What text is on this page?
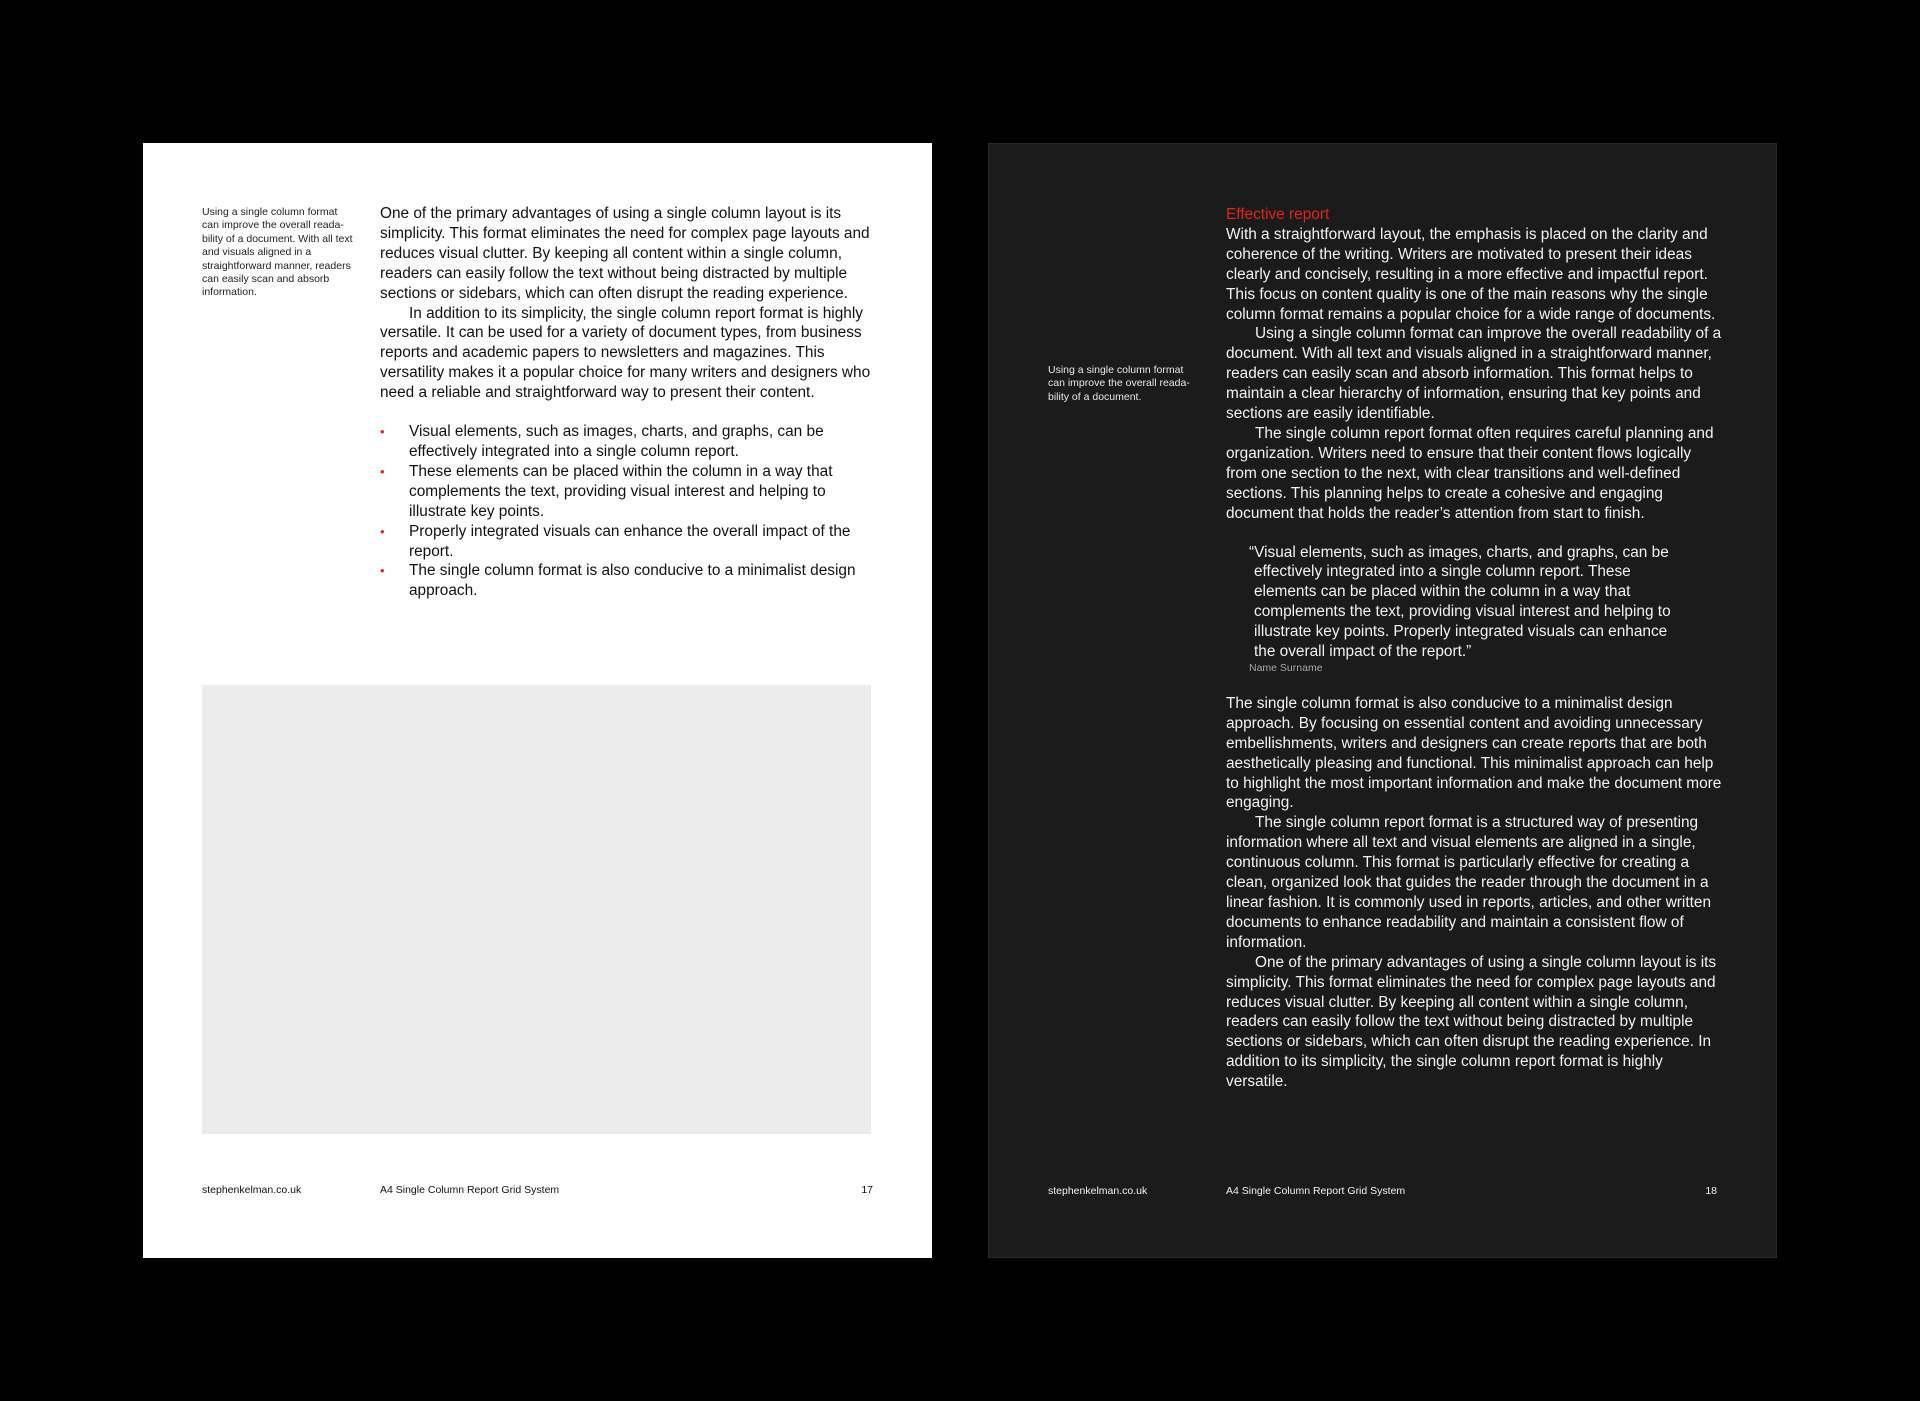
Using a single column format can improve the overall reada-bility of a document. With all text and visuals aligned in a straightforward manner, readers can easily scan and absorb information.

One of the primary advantages of using a single column layout is its simplicity. This format eliminates the need for complex page layouts and reduces visual clutter. By keeping all content within a single column, readers can easily follow the text without being distracted by multiple sections or sidebars, which can often disrupt the reading experience.

In addition to its simplicity, the single column report format is highly versatile. It can be used for a variety of document types, from business reports and academic papers to newsletters and magazines. This versatility makes it a popular choice for many writers and designers who need a reliable and straightforward way to present their content.

• Visual elements, such as images, charts, and graphs, can be effectively integrated into a single column report.
• These elements can be placed within the column in a way that complements the text, providing visual interest and helping to illustrate key points.
• Properly integrated visuals can enhance the overall impact of the report.
• The single column format is also conducive to a minimalist design approach.

stephenkelman.co.uk	A4 Single Column Report Grid System	17

Using a single column format can improve the overall reada-bility of a document.

Effective report

With a straightforward layout, the emphasis is placed on the clarity and coherence of the writing. Writers are motivated to present their ideas clearly and concisely, resulting in a more effective and impactful report. This focus on content quality is one of the main reasons why the single column format remains a popular choice for a wide range of documents.

Using a single column format can improve the overall readability of a document. With all text and visuals aligned in a straightforward manner, readers can easily scan and absorb information. This format helps to maintain a clear hierarchy of information, ensuring that key points and sections are easily identifiable.

The single column report format often requires careful planning and organization. Writers need to ensure that their content flows logically from one section to the next, with clear transitions and well-defined sections. This planning helps to create a cohesive and engaging document that holds the reader’s attention from start to finish.

“Visual elements, such as images, charts, and graphs, can be effectively integrated into a single column report. These elements can be placed within the column in a way that complements the text, providing visual interest and helping to illustrate key points. Properly integrated visuals can enhance the overall impact of the report.”

Name Surname

The single column format is also conducive to a minimalist design approach. By focusing on essential content and avoiding unnecessary embellishments, writers and designers can create reports that are both aesthetically pleasing and functional. This minimalist approach can help to highlight the most important information and make the document more engaging.

The single column report format is a structured way of presenting information where all text and visual elements are aligned in a single, continuous column. This format is particularly effective for creating a clean, organized look that guides the reader through the document in a linear fashion. It is commonly used in reports, articles, and other written documents to enhance readability and maintain a consistent flow of information.

One of the primary advantages of using a single column layout is its simplicity. This format eliminates the need for complex page layouts and reduces visual clutter. By keeping all content within a single column, readers can easily follow the text without being distracted by multiple sections or sidebars, which can often disrupt the reading experience. In addition to its simplicity, the single column report format is highly versatile.

stephenkelman.co.uk	A4 Single Column Report Grid System	18
